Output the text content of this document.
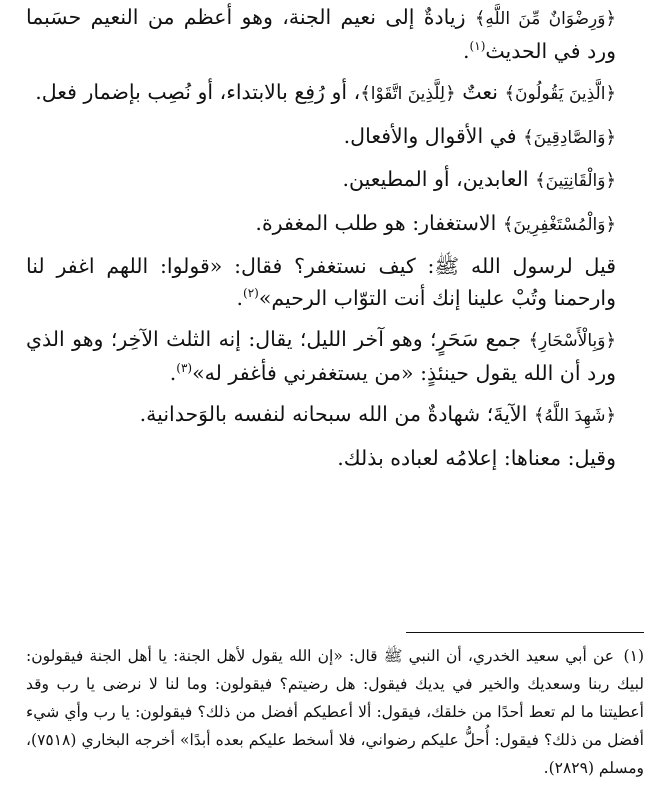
﴿وَرِضْوَانٌ مِّنَ اللَّهِ﴾ زيادةٌ إلى نعيم الجنة، وهو أعظم من النعيم حسَبما ورد في الحديث$^{(١)}$.

﴿الَّذِينَ يَقُولُونَ﴾ نعتٌ ﴿لِلَّذِينَ اتَّقَوْا﴾، أو رُفِع بالابتداء، أو نُصِب بإضمار فعل.

﴿وَالصَّادِقِينَ﴾ في الأقوال والأفعال.

﴿وَالْقَانِتِينَ﴾ العابدين، أو المطيعين.

﴿وَالْمُسْتَغْفِرِينَ﴾ الاستغفار: هو طلب المغفرة.

قيل لرسول الله ﷺ: كيف نستغفر؟ فقال: «قولوا: اللهم اغفر لنا وارحمنا وتُبْ علينا إنك أنت التوّاب الرحيم»$^{(٢)}$.

﴿وَبِالْأَسْحَارِ﴾ جمع سَحَرٍ؛ وهو آخر الليل؛ يقال: إنه الثلث الآخِر؛ وهو الذي ورد أن الله يقول حينئذٍ: «من يستغفرني فأغفر له»$^{(٣)}$.

﴿شَهِدَ اللَّهُ﴾ الآيةَ؛ شهادةٌ من الله سبحانه لنفسه بالوَحدانية.

وقيل: معناها: إعلامُه لعباده بذلك.

(١)عن أبي سعيد الخدري، أن النبي ﷺ قال: «إن الله يقول لأهل الجنة: يا أهل الجنة فيقولون: لبيك ربنا وسعديك والخير في يديك فيقول: هل رضيتم؟ فيقولون: وما لنا لا نرضى يا رب وقد أعطيتنا ما لم تعط أحدًا من خلقك، فيقول: ألا أعطيكم أفضل من ذلك؟ فيقولون: يا رب وأي شيء أفضل من ذلك؟ فيقول: أُحلُّ عليكم رضواني، فلا أسخط عليكم بعده أبدًا» أخرجه البخاري (٧٥١٨)، ومسلم (٢٨٢٩).
